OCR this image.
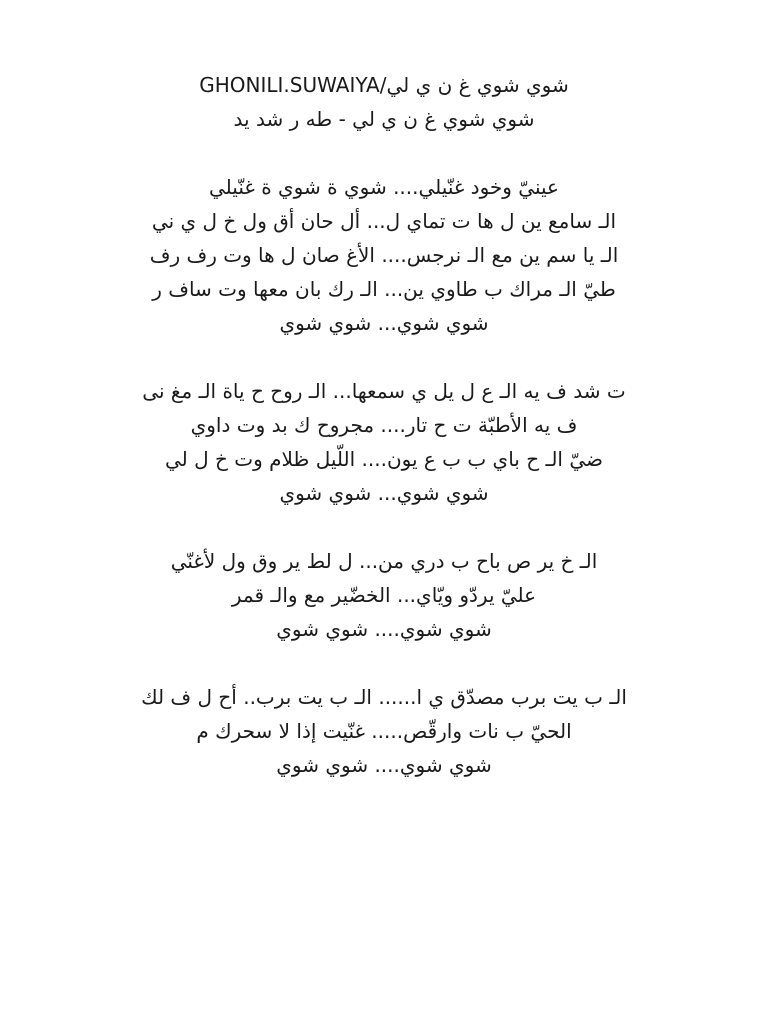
شوي شوي غ ن ي لي/GHONILI.SUWAIYA
شوي شوي غ ن ي لي - طه ر شد يد
عينيّ وخود غنّيلي.... شوي ة شوي ة غنّيلي
الـ سامع ين ل ها ت تماي ل... أل حان أق ول خ ل ي ني
الـ يا سم ين مع الـ نرجس.... الأغ صان ل ها وت رف رف
طيّ الـ مراك ب طاوي ين... الـ رك بان معها وت ساف ر
شوي شوي... شوي شوي
ت شد ف يه الـ ع ل يل ي سمعها... الـ روح ح ياة الـ مغ نى
ف يه الأطبّة ت ح تار.... مجروح ك بد وت داوي
ضيّ الـ ح باي ب ب ع يون.... اللّيل ظلام وت خ ل لي
شوي شوي... شوي شوي
الـ خ ير ص باح ب دري من... ل لط ير وق ول لأغنّي
عليّ يردّو ويّاي... الخضّير مع والـ قمر
شوي شوي.... شوي شوي
الـ ب يت برب مصدّق ي ا...... الـ ب يت برب.. أح ل ف لك
الحيّ ب نات وارقّص..... غنّيت إذا لا سحرك م
شوي شوي.... شوي شوي
